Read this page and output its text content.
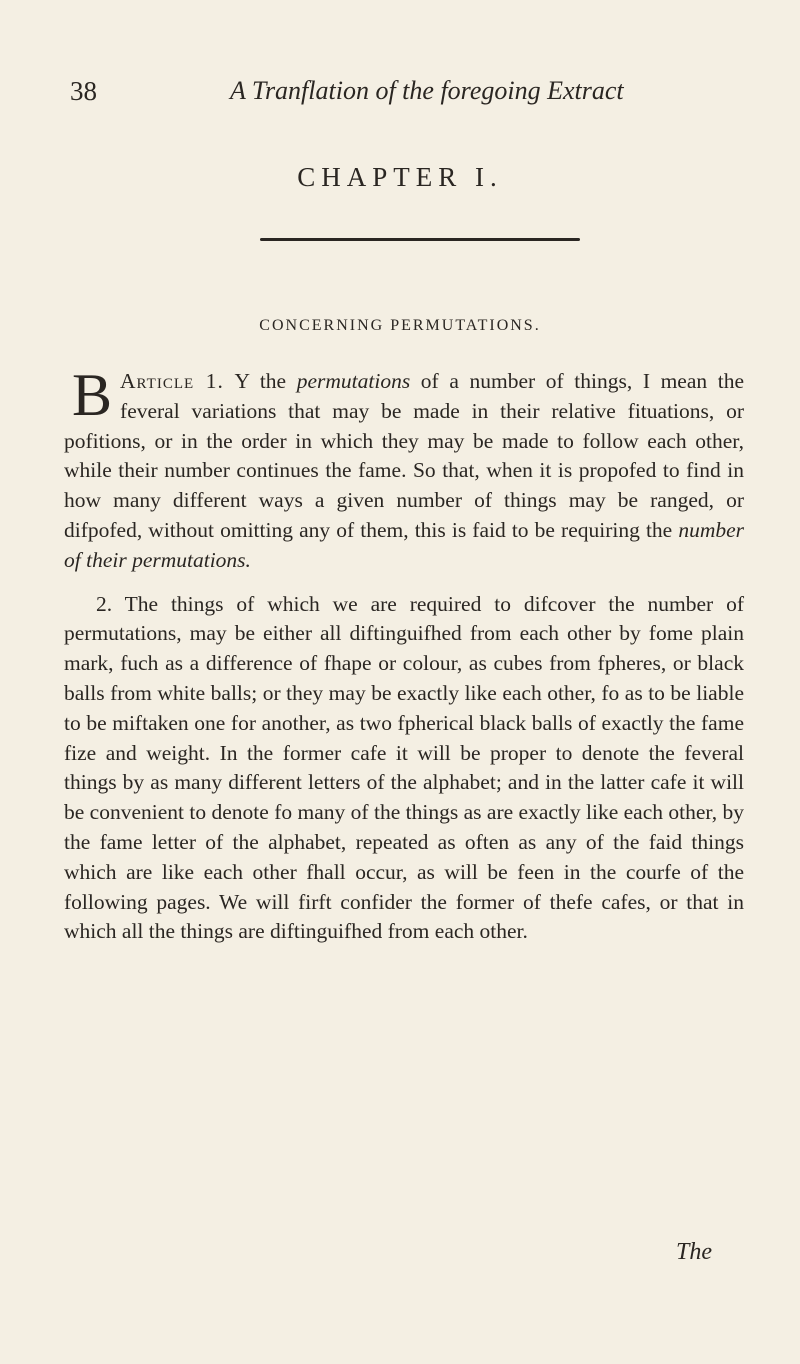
38	A Tranflation of the foregoing Extract
CHAPTER I.
CONCERNING PERMUTATIONS.

Article 1.
B	Y the permutations of a number of things, I mean the feveral variations that may be made in their relative fituations, or pofitions, or in the order in which they may be made to follow each other, while their number continues the fame. So that, when it is propofed to find in how many different ways a given number of things may be ranged, or difpofed, without omitting any of them, this is faid to be requiring the number of their permutations.

2. The things of which we are required to difcover the number of permutations, may be either all diftinguifhed from each other by fome plain mark, fuch as a difference of fhape or colour, as cubes from fpheres, or black balls from white balls; or they may be exactly like each other, fo as to be liable to be miftaken one for another, as two fpherical black balls of exactly the fame fize and weight. In the former cafe it will be proper to denote the feveral things by as many different letters of the alphabet; and in the latter cafe it will be convenient to denote fo many of the things as are exactly like each other, by the fame letter of the alphabet, repeated as often as any of the faid things which are like each other fhall occur, as will be feen in the courfe of the following pages. We will firft confider the former of thefe cafes, or that in which all the things are diftinguifhed from each other.

The
